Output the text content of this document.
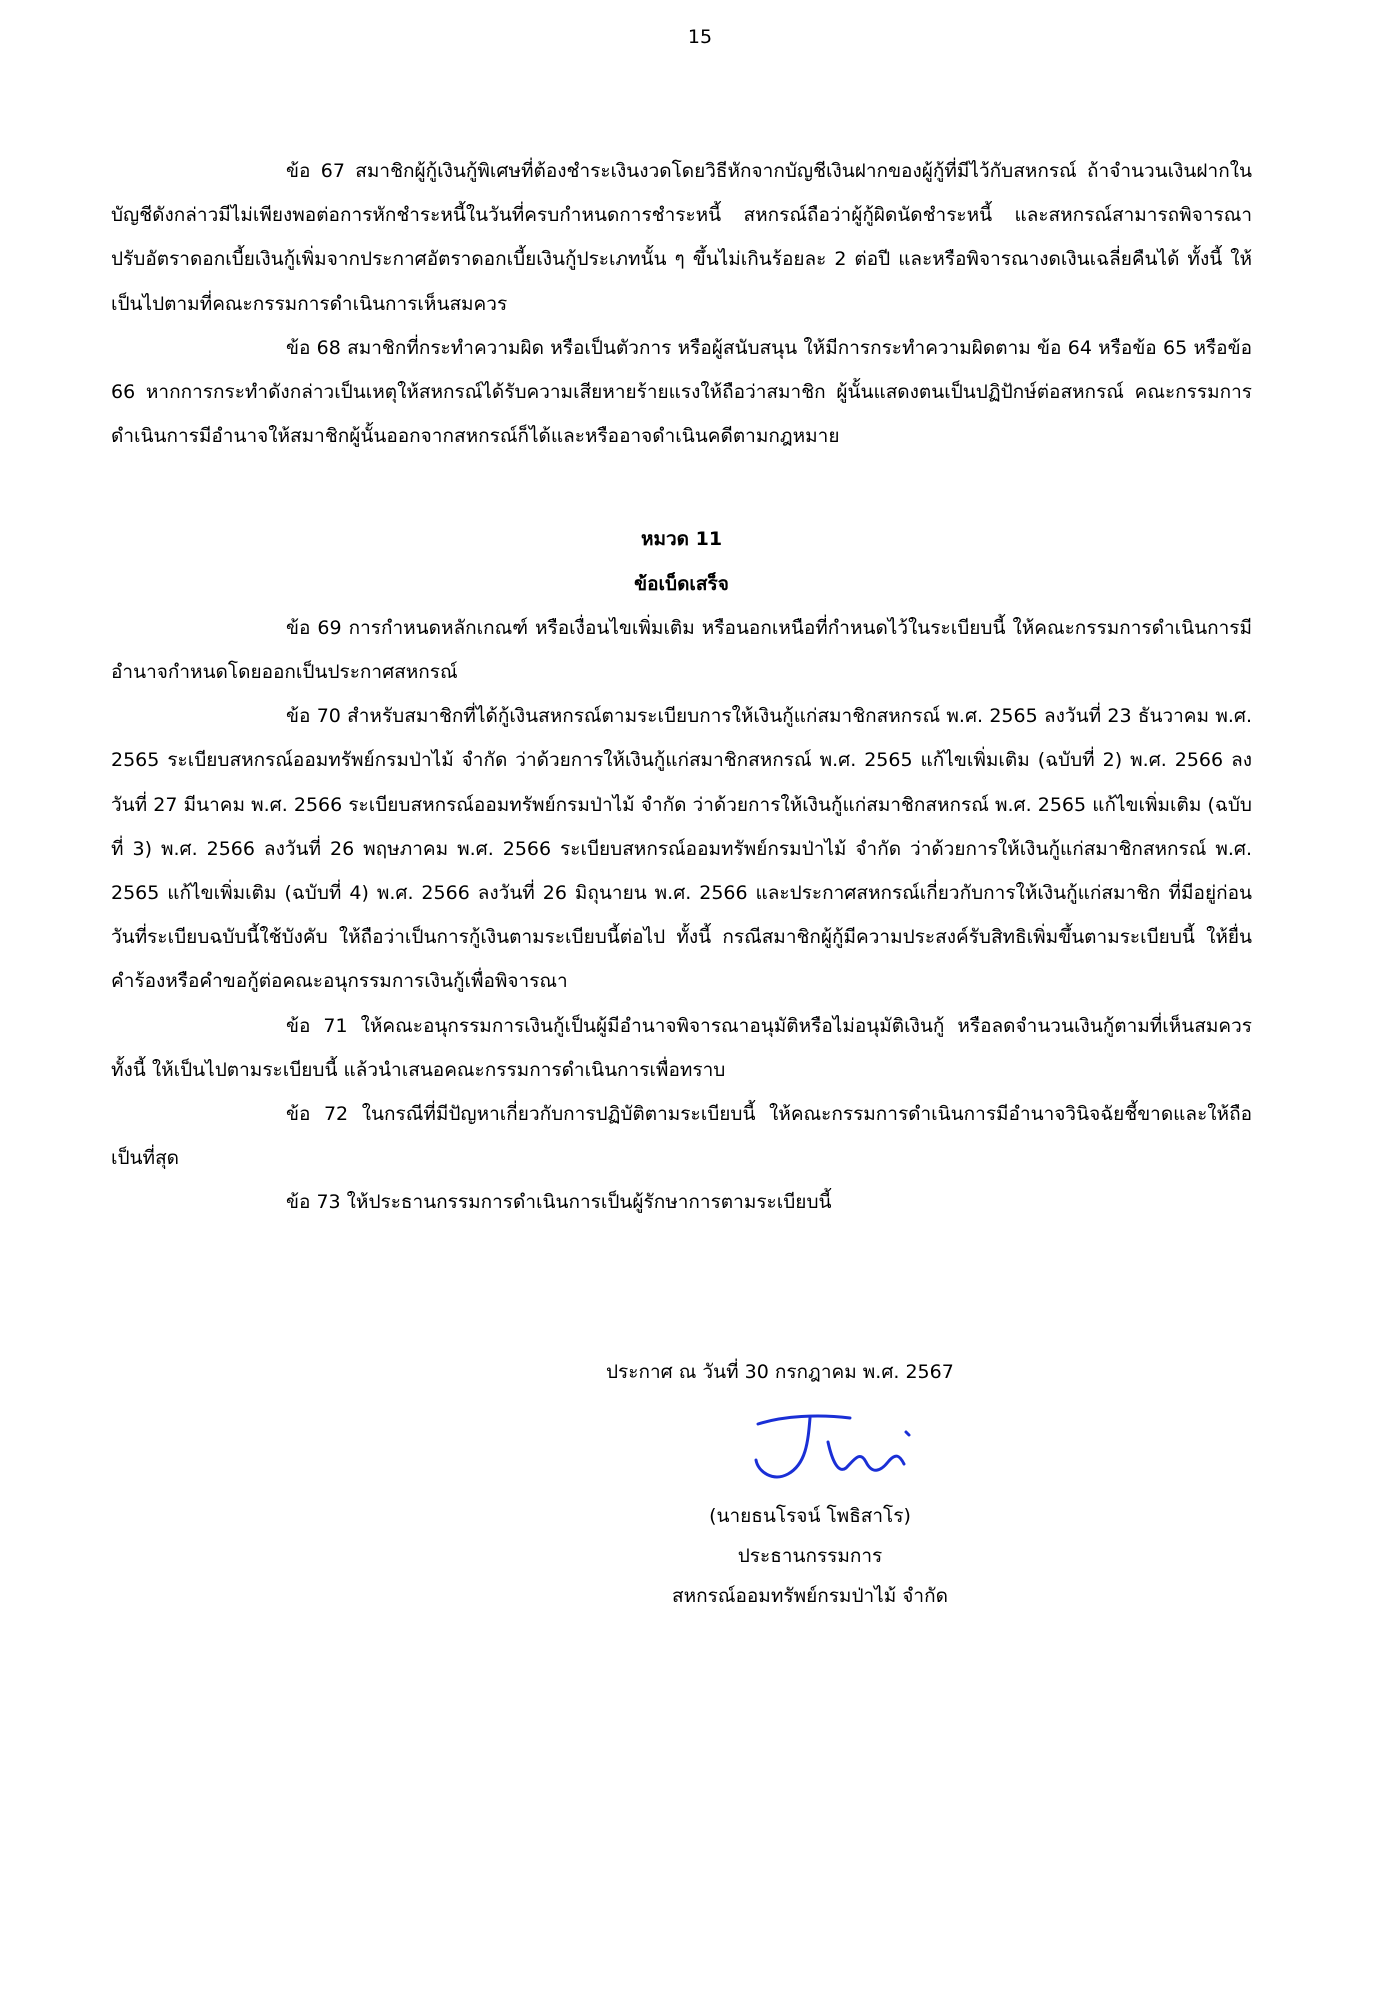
15

ข้อ 67 สมาชิกผู้กู้เงินกู้พิเศษที่ต้องชำระเงินงวดโดยวิธีหักจากบัญชีเงินฝากของผู้กู้ที่มีไว้กับสหกรณ์ ถ้าจำนวนเงินฝากในบัญชีดังกล่าวมีไม่เพียงพอต่อการหักชำระหนี้ในวันที่ครบกำหนดการชำระหนี้ สหกรณ์ถือว่าผู้กู้ผิดนัดชำระหนี้ และสหกรณ์สามารถพิจารณาปรับอัตราดอกเบี้ยเงินกู้เพิ่มจากประกาศอัตราดอกเบี้ยเงินกู้ประเภทนั้น ๆ ขึ้นไม่เกินร้อยละ 2 ต่อปี และหรือพิจารณางดเงินเฉลี่ยคืนได้ ทั้งนี้ ให้เป็นไปตามที่คณะกรรมการดำเนินการเห็นสมควร

ข้อ 68 สมาชิกที่กระทำความผิด หรือเป็นตัวการ หรือผู้สนับสนุน ให้มีการกระทำความผิดตาม ข้อ 64 หรือข้อ 65 หรือข้อ 66 หากการกระทำดังกล่าวเป็นเหตุให้สหกรณ์ได้รับความเสียหายร้ายแรงให้ถือว่าสมาชิก ผู้นั้นแสดงตนเป็นปฏิปักษ์ต่อสหกรณ์ คณะกรรมการดำเนินการมีอำนาจให้สมาชิกผู้นั้นออกจากสหกรณ์ก็ได้และหรืออาจดำเนินคดีตามกฎหมาย

หมวด 11

ข้อเบ็ดเสร็จ

ข้อ 69 การกำหนดหลักเกณฑ์ หรือเงื่อนไขเพิ่มเติม หรือนอกเหนือที่กำหนดไว้ในระเบียบนี้ ให้คณะกรรมการดำเนินการมีอำนาจกำหนดโดยออกเป็นประกาศสหกรณ์

ข้อ 70 สำหรับสมาชิกที่ได้กู้เงินสหกรณ์ตามระเบียบการให้เงินกู้แก่สมาชิกสหกรณ์ พ.ศ. 2565 ลงวันที่ 23 ธันวาคม พ.ศ. 2565 ระเบียบสหกรณ์ออมทรัพย์กรมป่าไม้ จำกัด ว่าด้วยการให้เงินกู้แก่สมาชิกสหกรณ์ พ.ศ. 2565 แก้ไขเพิ่มเติม (ฉบับที่ 2) พ.ศ. 2566 ลงวันที่ 27 มีนาคม พ.ศ. 2566 ระเบียบสหกรณ์ออมทรัพย์กรมป่าไม้ จำกัด ว่าด้วยการให้เงินกู้แก่สมาชิกสหกรณ์ พ.ศ. 2565 แก้ไขเพิ่มเติม (ฉบับที่ 3) พ.ศ. 2566 ลงวันที่ 26 พฤษภาคม พ.ศ. 2566 ระเบียบสหกรณ์ออมทรัพย์กรมป่าไม้ จำกัด ว่าด้วยการให้เงินกู้แก่สมาชิกสหกรณ์ พ.ศ. 2565 แก้ไขเพิ่มเติม (ฉบับที่ 4) พ.ศ. 2566 ลงวันที่ 26 มิถุนายน พ.ศ. 2566 และประกาศสหกรณ์เกี่ยวกับการให้เงินกู้แก่สมาชิก ที่มีอยู่ก่อนวันที่ระเบียบฉบับนี้ใช้บังคับ ให้ถือว่าเป็นการกู้เงินตามระเบียบนี้ต่อไป ทั้งนี้ กรณีสมาชิกผู้กู้มีความประสงค์รับสิทธิเพิ่มขึ้นตามระเบียบนี้ ให้ยื่นคำร้องหรือคำขอกู้ต่อคณะอนุกรรมการเงินกู้เพื่อพิจารณา

ข้อ 71 ให้คณะอนุกรรมการเงินกู้เป็นผู้มีอำนาจพิจารณาอนุมัติหรือไม่อนุมัติเงินกู้ หรือลดจำนวนเงินกู้ตามที่เห็นสมควร ทั้งนี้ ให้เป็นไปตามระเบียบนี้ แล้วนำเสนอคณะกรรมการดำเนินการเพื่อทราบ

ข้อ 72 ในกรณีที่มีปัญหาเกี่ยวกับการปฏิบัติตามระเบียบนี้ ให้คณะกรรมการดำเนินการมีอำนาจวินิจฉัยชี้ขาดและให้ถือเป็นที่สุด

ข้อ 73 ให้ประธานกรรมการดำเนินการเป็นผู้รักษาการตามระเบียบนี้

ประกาศ ณ วันที่ 30 กรกฎาคม พ.ศ. 2567
(นายธนโรจน์ โพธิสาโร)
ประธานกรรมการ
สหกรณ์ออมทรัพย์กรมป่าไม้ จำกัด
